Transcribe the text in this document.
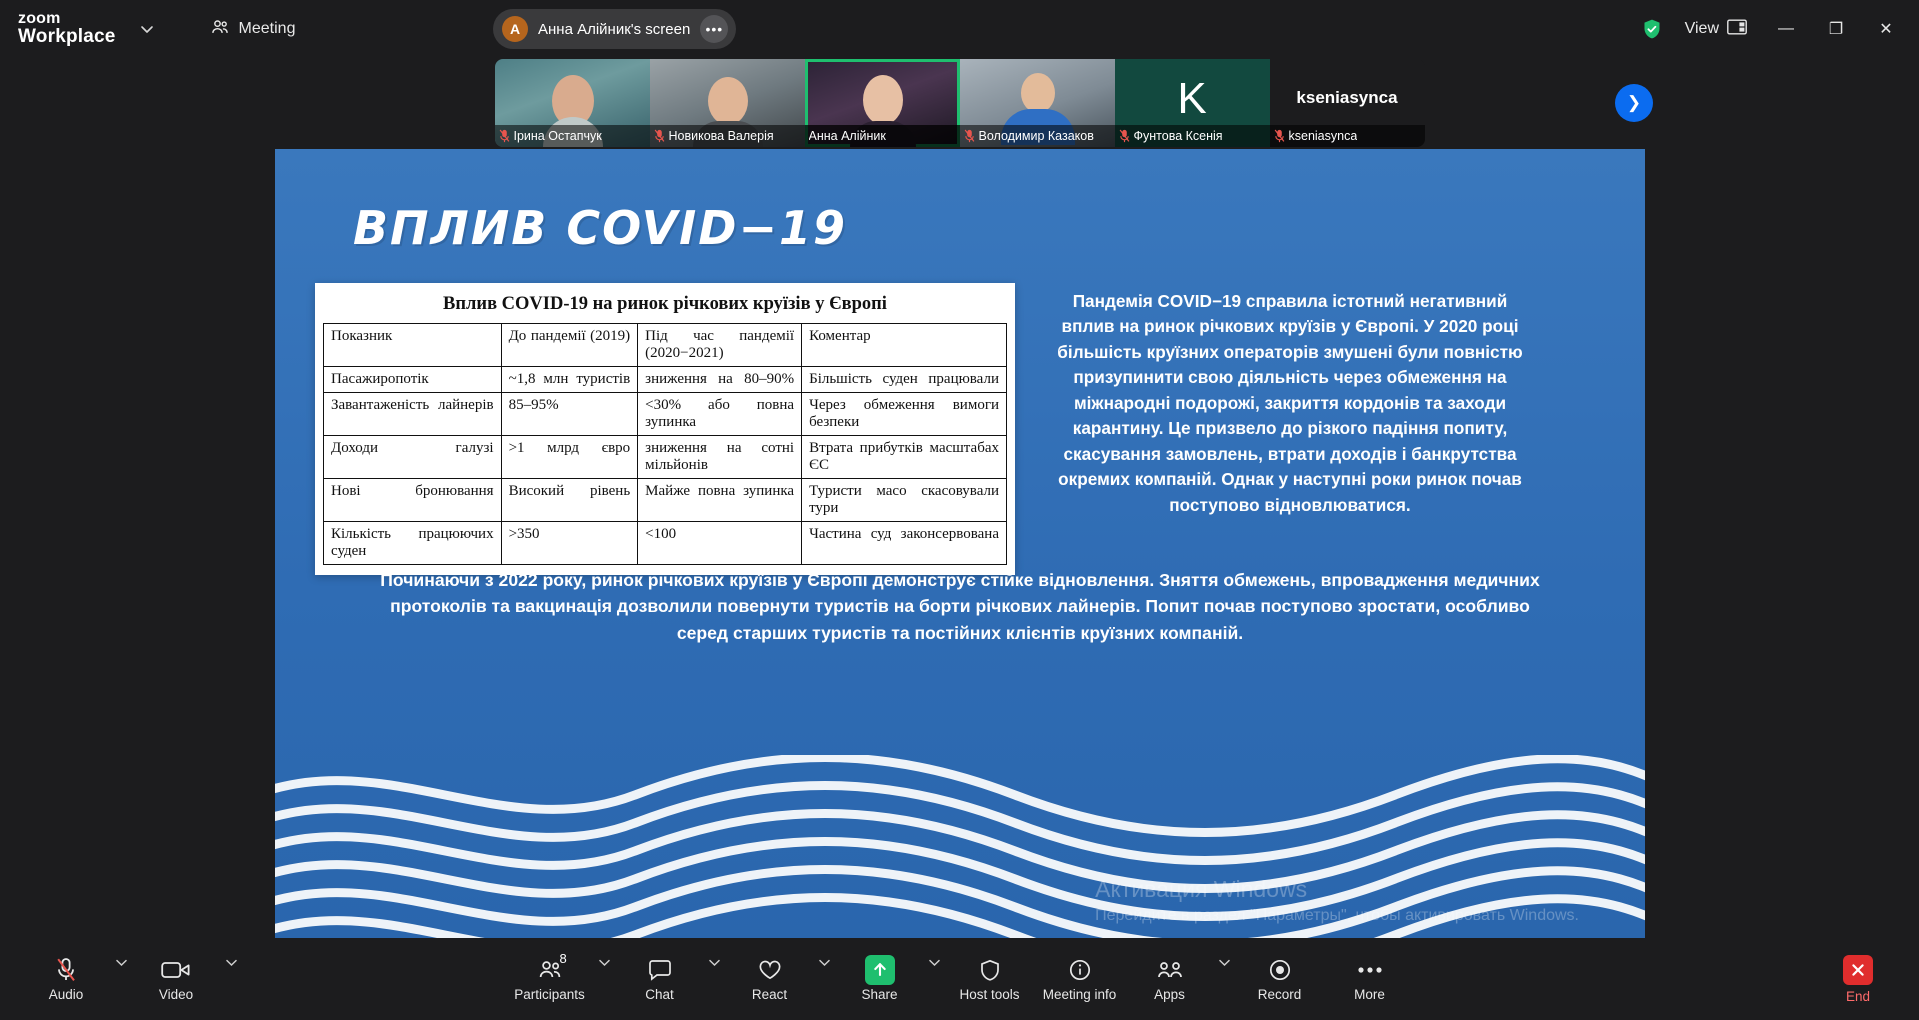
zoom
Workplace	Meeting	A	Анна Алійник's screen	•••	View	—	❐	✕
Ірина Остапчук	Новикова Валерія	Анна Алійник	Володимир Казаков
K
Фунтова Ксенія
kseniasynca
kseniasynca
❯
ВПЛИВ COVID−19
Вплив COVID-19 на ринок річкових круїзів у Європі
Показник	До пандемії (2019)	Під час пандемії (2020−2021)	Коментар
Пасажиропотік	~1,8 млн туристів	зниження на 80–90%	Більшість суден працювали
Завантаженість лайнерів	85–95%	<30% або повна зупинка	Через обмеження вимоги безпеки
Доходи галузі	>1 млрд євро	зниження на сотні мільйонів	Втрата прибутків масштабах ЄС
Нові бронювання	Високий рівень	Майже повна зупинка	Туристи масо скасовували тури
Кількість працюючих суден	>350	<100	Частина суд законсервована
Пандемія COVID−19 справила істотний негативний вплив на ринок річкових круїзів у Європі. У 2020 році більшість круїзних операторів змушені були повністю призупинити свою діяльність через обмеження на міжнародні подорожі, закриття кордонів та заходи карантину. Це призвело до різкого падіння попиту, скасування замовлень, втрати доходів і банкрутства окремих компаній. Однак у наступні роки ринок почав поступово відновлюватися.
Починаючи з 2022 року, ринок річкових круїзів у Європі демонструє стійке відновлення. Зняття обмежень, впровадження медичних протоколів та вакцинація дозволили повернути туристів на борти річкових лайнерів. Попит почав поступово зростати, особливо серед старших туристів та постійних клієнтів круїзних компаній.
Активация Windows
Перейдите в раздел "Параметры", чтобы активировать Windows.
Audio	Video
8
Participants	Chat	React	Share	Host tools Meeting info	Apps	Record	More	End
